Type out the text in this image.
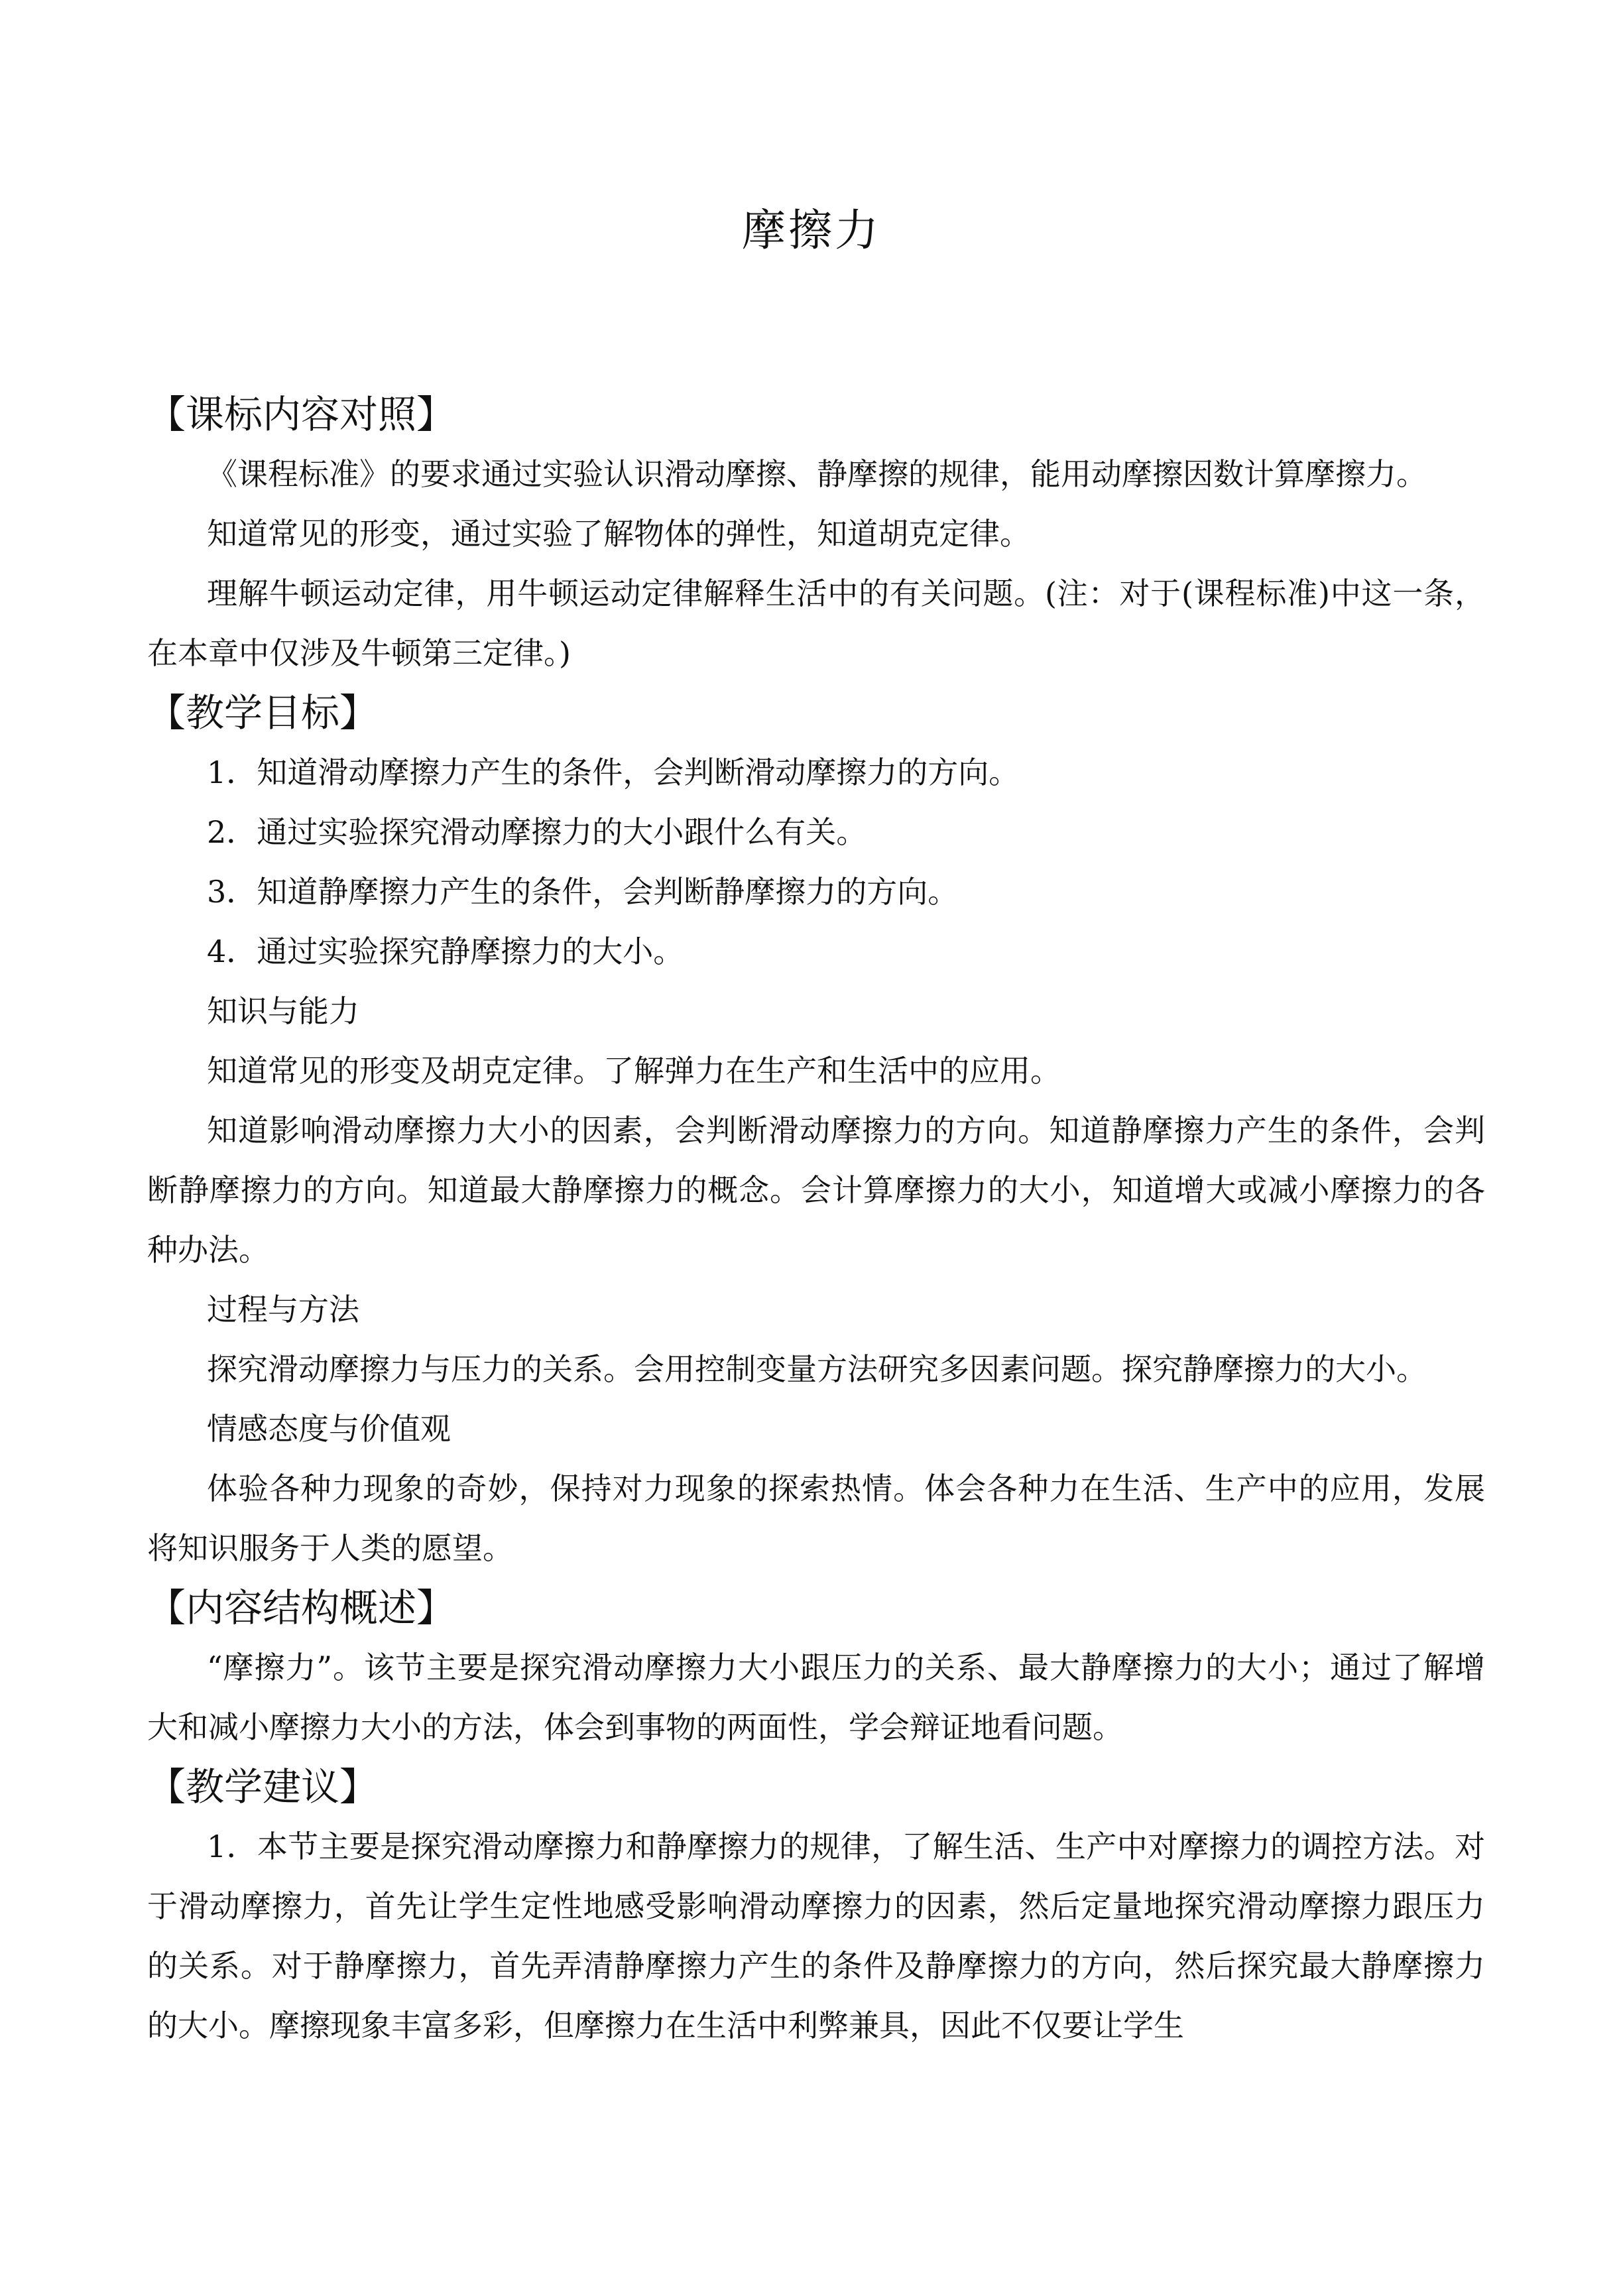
摩擦力
【课标内容对照】

《课程标准》的要求通过实验认识滑动摩擦、静摩擦的规律，能用动摩擦因数计算摩擦力。

知道常见的形变，通过实验了解物体的弹性，知道胡克定律。

理解牛顿运动定律，用牛顿运动定律解释生活中的有关问题。(注：对于(课程标准)中这一条，在本章中仅涉及牛顿第三定律。)

【教学目标】

1．知道滑动摩擦力产生的条件，会判断滑动摩擦力的方向。

2．通过实验探究滑动摩擦力的大小跟什么有关。

3．知道静摩擦力产生的条件，会判断静摩擦力的方向。

4．通过实验探究静摩擦力的大小。

知识与能力

知道常见的形变及胡克定律。了解弹力在生产和生活中的应用。

知道影响滑动摩擦力大小的因素，会判断滑动摩擦力的方向。知道静摩擦力产生的条件，会判断静摩擦力的方向。知道最大静摩擦力的概念。会计算摩擦力的大小，知道增大或减小摩擦力的各种办法。

过程与方法

探究滑动摩擦力与压力的关系。会用控制变量方法研究多因素问题。探究静摩擦力的大小。

情感态度与价值观

体验各种力现象的奇妙，保持对力现象的探索热情。体会各种力在生活、生产中的应用，发展将知识服务于人类的愿望。

【内容结构概述】

“摩擦力”。该节主要是探究滑动摩擦力大小跟压力的关系、最大静摩擦力的大小；通过了解增大和减小摩擦力大小的方法，体会到事物的两面性，学会辩证地看问题。

【教学建议】

1．本节主要是探究滑动摩擦力和静摩擦力的规律，了解生活、生产中对摩擦力的调控方法。对于滑动摩擦力，首先让学生定性地感受影响滑动摩擦力的因素，然后定量地探究滑动摩擦力跟压力的关系。对于静摩擦力，首先弄清静摩擦力产生的条件及静摩擦力的方向，然后探究最大静摩擦力的大小。摩擦现象丰富多彩，但摩擦力在生活中利弊兼具，因此不仅要让学生
